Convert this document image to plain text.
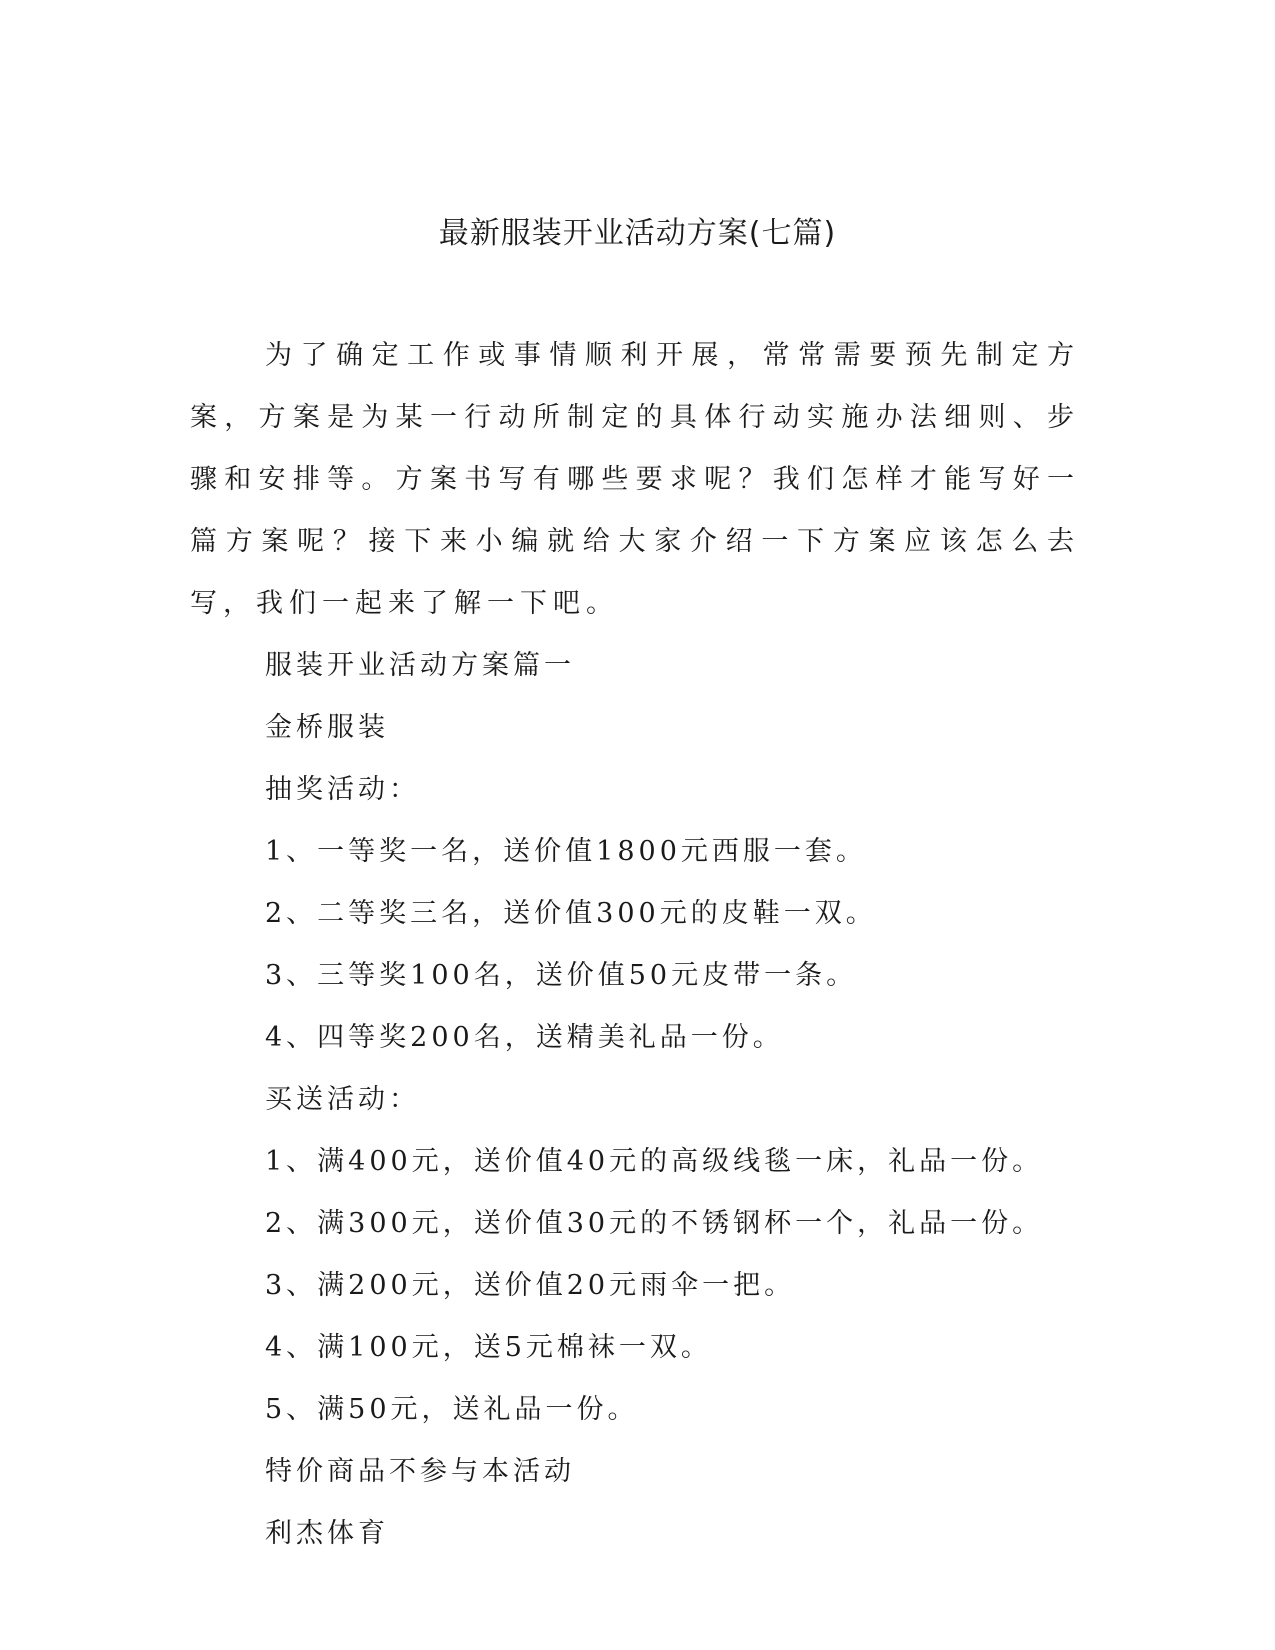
最新服装开业活动方案(七篇)

为了确定工作或事情顺利开展，常常需要预先制定方案，方案是为某一行动所制定的具体行动实施办法细则、步骤和安排等。方案书写有哪些要求呢？我们怎样才能写好一篇方案呢？接下来小编就给大家介绍一下方案应该怎么去写，我们一起来了解一下吧。

服装开业活动方案篇一

金桥服装

抽奖活动：

1、一等奖一名，送价值1800元西服一套。

2、二等奖三名，送价值300元的皮鞋一双。

3、三等奖100名，送价值50元皮带一条。

4、四等奖200名，送精美礼品一份。

买送活动：

1、满400元，送价值40元的高级线毯一床，礼品一份。

2、满300元，送价值30元的不锈钢杯一个，礼品一份。

3、满200元，送价值20元雨伞一把。

4、满100元，送5元棉袜一双。

5、满50元，送礼品一份。

特价商品不参与本活动

利杰体育
